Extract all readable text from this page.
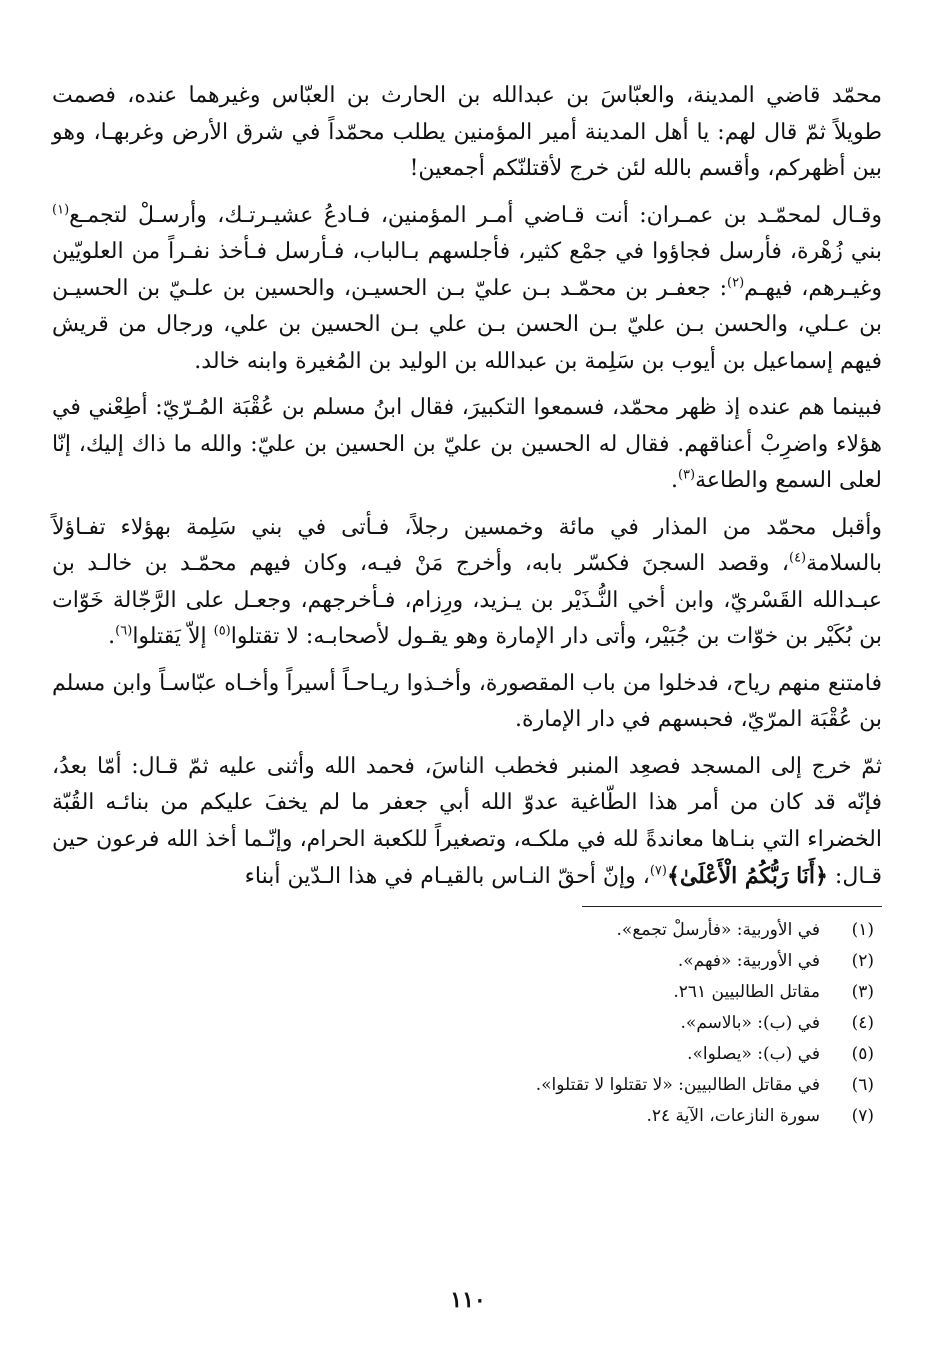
محمّد قاضي المدينة، والعبّاسَ بن عبدالله بن الحارث بن العبّاس وغيرهما عنده، فصمت طويلاً ثمّ قال لهم: يا أهل المدينة أمير المؤمنين يطلب محمّداً في شرق الأرض وغربهـا، وهو بين أظهركم، وأقسم بالله لئن خرج لأقتلنّكم أجمعين!

وقـال لمحمّـد بن عمـران: أنت قـاضي أمـر المؤمنين، فـادعُ عشيـرتـك، وأرسـلْ لتجمـع$^{(١)}$ بني زُهْرة، فأرسل فجاؤوا في جمْع كثير، فأجلسهم بـالباب، فـأرسل فـأخذ نفـراً من العلويّين وغيـرهم، فيهـم$^{(٢)}$: جعفـر بن محمّـد بـن عليّ بـن الحسيـن، والحسين بن علـيّ بن الحسيـن بن عـلي، والحسن بـن عليّ بـن الحسن بـن علي بـن الحسين بن علي، ورجال من قريش فيهم إسماعيل بن أيوب بن سَلِمة بن عبدالله بن الوليد بن المُغيرة وابنه خالد.

فبينما هم عنده إذ ظهر محمّد، فسمعوا التكبيرَ، فقال ابنُ مسلم بن عُقْبَة المُـرّيّ: أطِعْني في هؤلاء واضرِبْ أعناقهم. فقال له الحسين بن عليّ بن الحسين بن عليّ: والله ما ذاك إليك، إنّا لعلى السمع والطاعة$^{(٣)}$.

وأقبل محمّد من المذار في مائة وخمسين رجلاً، فـأتى في بني سَلِمة بهؤلاء تفـاؤلاً بالسلامة$^{(٤)}$، وقصد السجنَ فكسّر بابه، وأخرج مَنْ فيـه، وكان فيهم محمّـد بن خالـد بن عبـدالله القَسْريّ، وابن أخي النُّـذَيْر بن يـزيد، ورِزام، فـأخرجهم، وجعـل على الرَّجّالة خَوّات بن بُكَيْر بن خوّات بن جُبَيْر، وأتى دار الإمارة وهو يقـول لأصحابـه: لا تقتلوا$^{(٥)}$ إلاّ يَقتلوا$^{(٦)}$.

فامتنع منهم رياح، فدخلوا من باب المقصورة، وأخـذوا ريـاحـاً أسيراً وأخـاه عبّاسـاً وابن مسلم بن عُقْبَة المرّيّ، فحبسهم في دار الإمارة.

ثمّ خرج إلى المسجد فصعِد المنبر فخطب الناسَ، فحمد الله وأثنى عليه ثمّ قـال: أمّا بعدُ، فإنّه قد كان من أمر هذا الطّاغية عدوّ الله أبي جعفر ما لم يخفَ عليكم من بنائـه القُبّة الخضراء التي بنـاها معاندةً لله في ملكـه، وتصغيراً للكعبة الحرام، وإنّـما أخذ الله فرعون حين قـال: ﴿أَنَا رَبُّكُمُ الْأَعْلَىٰ﴾$^{(٧)}$، وإنّ أحقّ النـاس بالقيـام في هذا الـدّين أبناء

(١)
في الأوربية: «فأرسلْ تجمع».
(٢)
في الأوربية: «فهم».
(٣)
مقاتل الطالبيين ٢٦١.
(٤)
في (ب): «بالاسم».
(٥)
في (ب): «يصلوا».
(٦)
في مقاتل الطالبيين: «لا تقتلوا لا تقتلوا».
(٧)
سورة النازعات، الآية ٢٤.
١١٠
